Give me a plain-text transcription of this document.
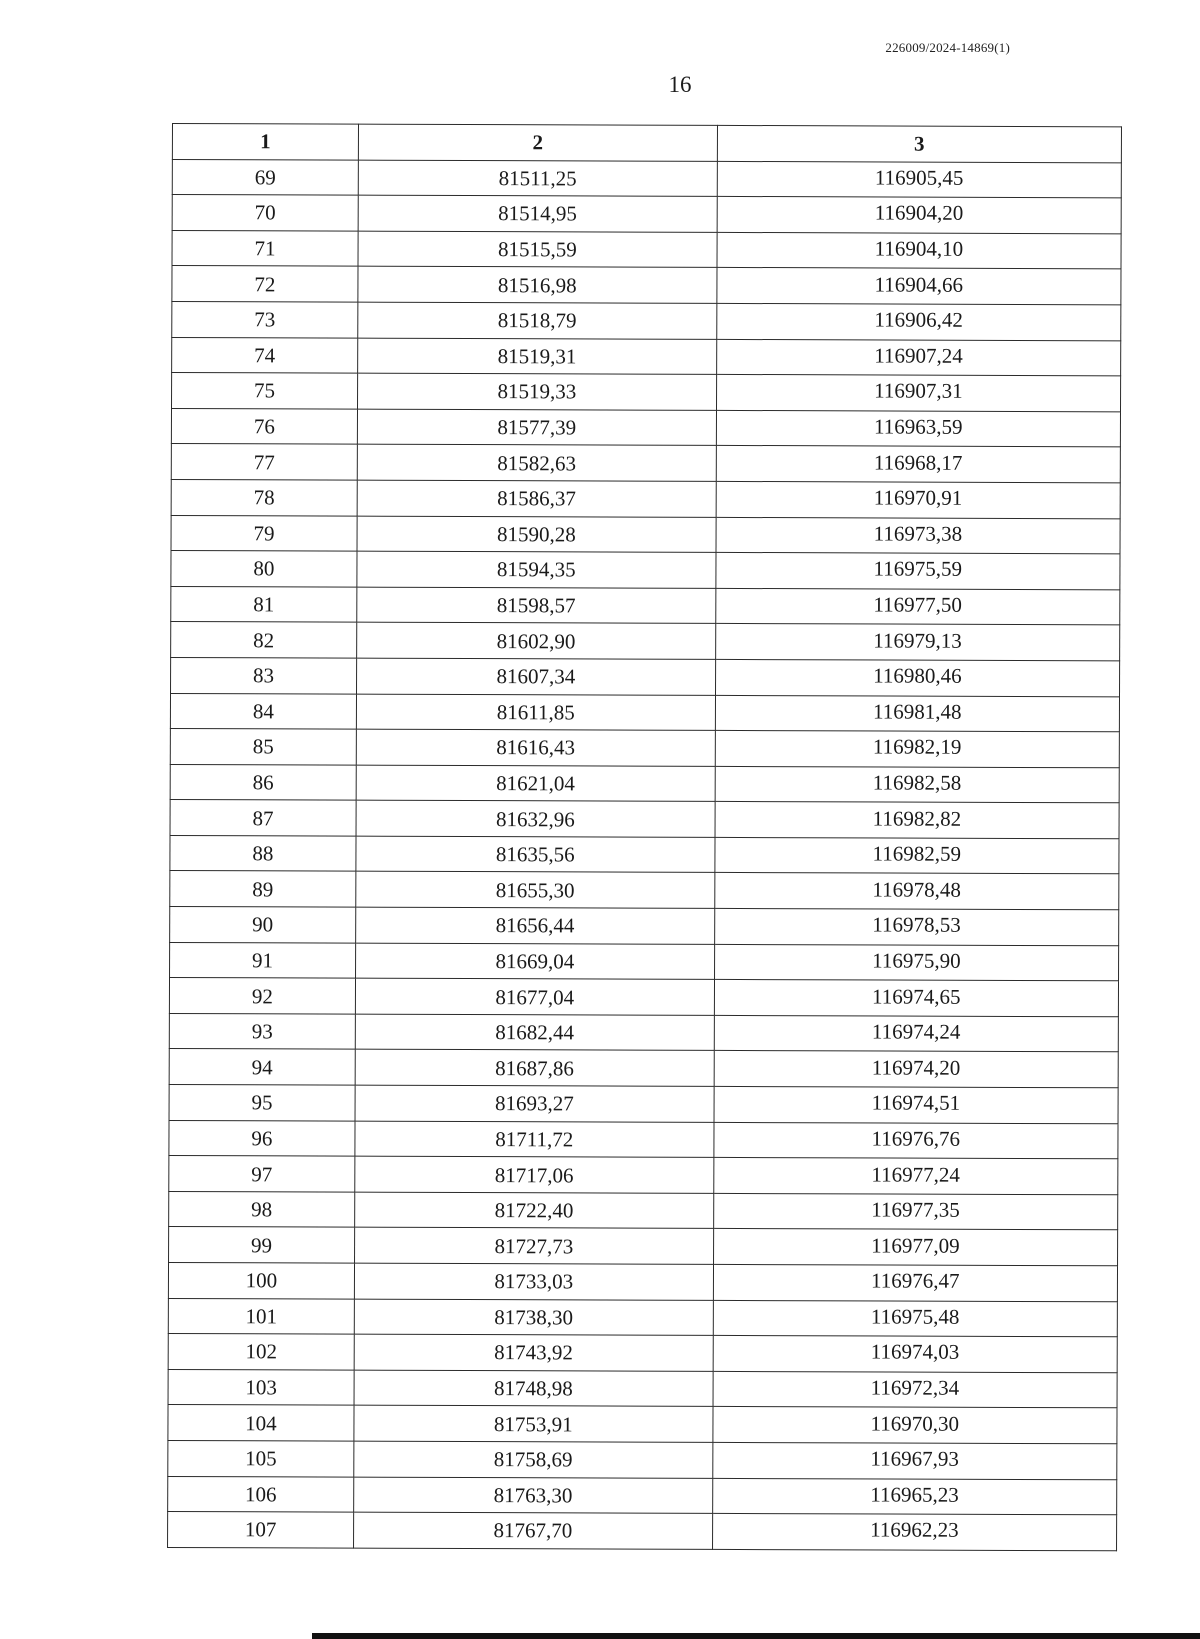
226009/2024-14869(1)
16
1	2	3
69	81511,25	116905,45
70	81514,95	116904,20
71	81515,59	116904,10
72	81516,98	116904,66
73	81518,79	116906,42
74	81519,31	116907,24
75	81519,33	116907,31
76	81577,39	116963,59
77	81582,63	116968,17
78	81586,37	116970,91
79	81590,28	116973,38
80	81594,35	116975,59
81	81598,57	116977,50
82	81602,90	116979,13
83	81607,34	116980,46
84	81611,85	116981,48
85	81616,43	116982,19
86	81621,04	116982,58
87	81632,96	116982,82
88	81635,56	116982,59
89	81655,30	116978,48
90	81656,44	116978,53
91	81669,04	116975,90
92	81677,04	116974,65
93	81682,44	116974,24
94	81687,86	116974,20
95	81693,27	116974,51
96	81711,72	116976,76
97	81717,06	116977,24
98	81722,40	116977,35
99	81727,73	116977,09
100	81733,03	116976,47
101	81738,30	116975,48
102	81743,92	116974,03
103	81748,98	116972,34
104	81753,91	116970,30
105	81758,69	116967,93
106	81763,30	116965,23
107	81767,70	116962,23
